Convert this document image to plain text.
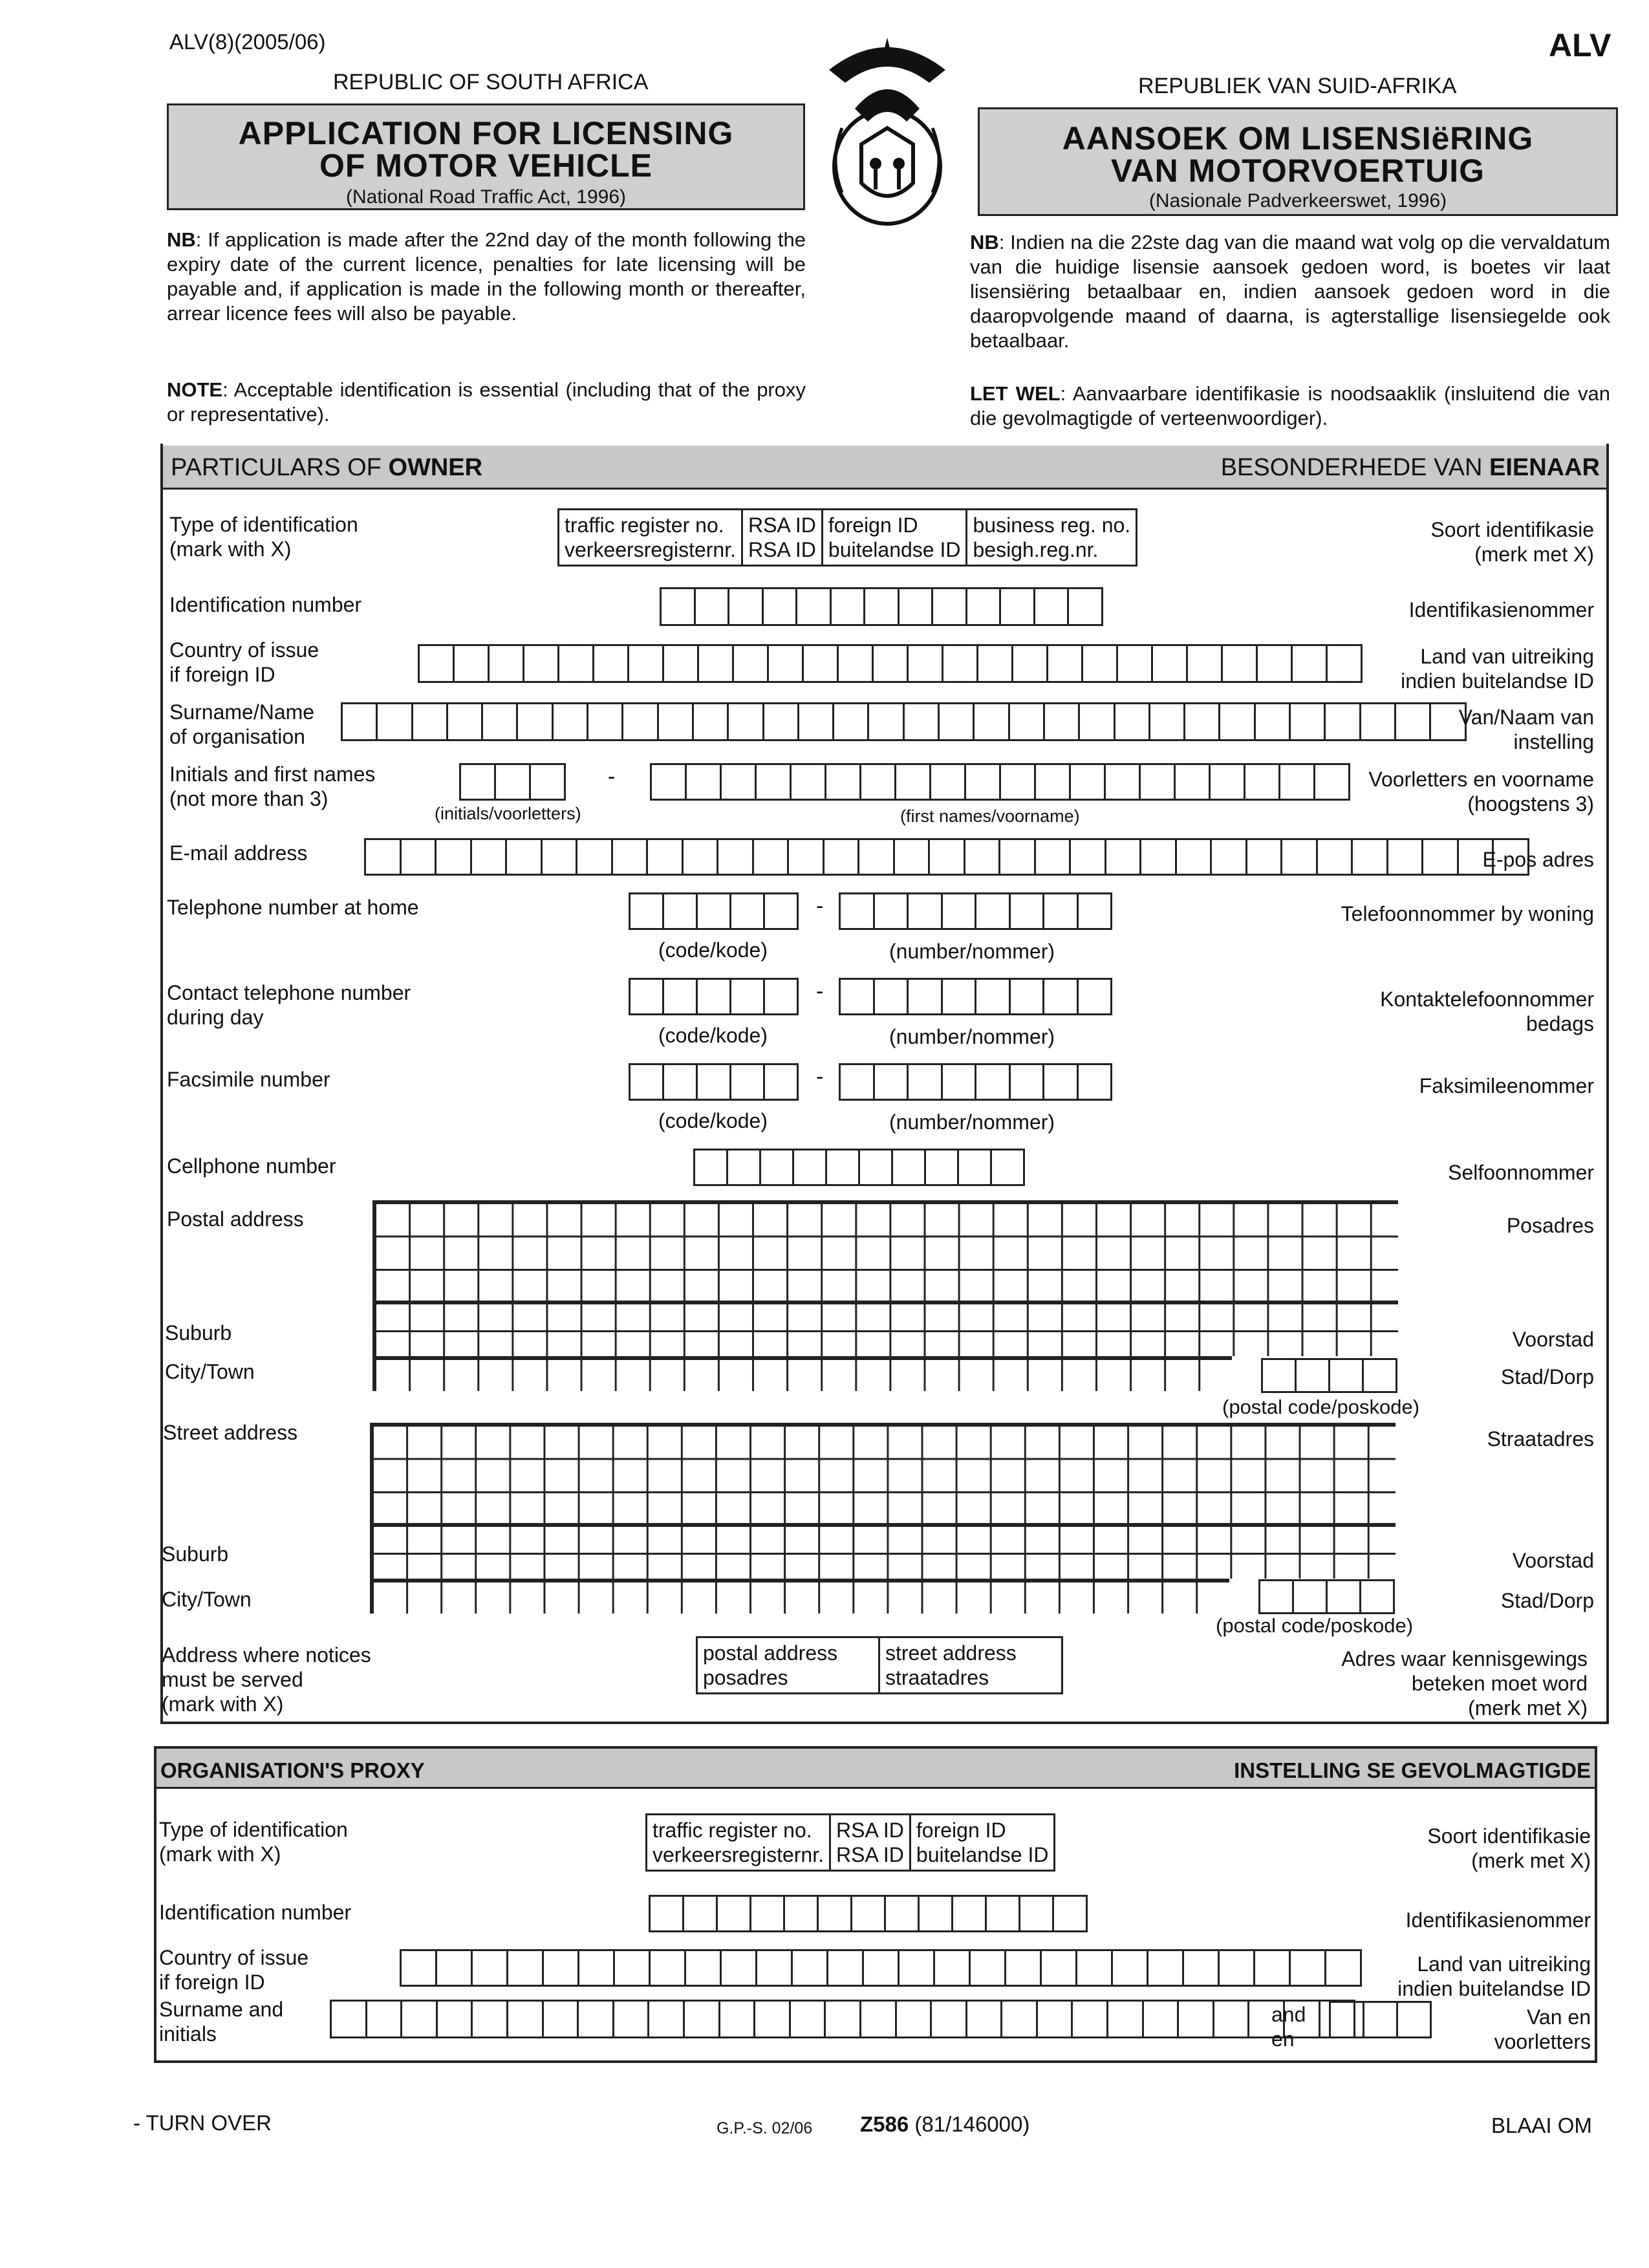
ALV(8)(2005/06)	ALV
REPUBLIC OF SOUTH AFRICA	REPUBLIEK VAN SUID-AFRIKA
APPLICATION FOR LICENSING
OF MOTOR VEHICLE
(National Road Traffic Act, 1996)
AANSOEK OM LISENSIëRING
VAN MOTORVOERTUIG
(Nasionale Padverkeerswet, 1996)
NB: If application is made after the 22nd day of the month following the expiry date of the current licence, penalties for late licensing will be payable and, if application is made in the following month or thereafter, arrear licence fees will also be payable.
NB: Indien na die 22ste dag van die maand wat volg op die vervaldatum van die huidige lisensie aansoek gedoen word, is boetes vir laat lisensiëring betaalbaar en, indien aansoek gedoen word in die daaropvolgende maand of daarna, is agterstallige lisensiegelde ook betaalbaar.
NOTE: Acceptable identification is essential (including that of the proxy or representative).
LET WEL: Aanvaarbare identifikasie is noodsaaklik (insluitend die van die gevolmagtigde of verteenwoordiger).
PARTICULARS OF OWNER	BESONDERHEDE VAN EIENAAR
Type of identification
(mark with X)
traffic register no.
verkeersregisternr.
RSA ID
RSA ID
foreign ID
buitelandse ID
business reg. no.
besigh.reg.nr.
Soort identifikasie
(merk met X)
Identification number	Identifikasienommer
Country of issue
if foreign ID
Land van uitreiking
indien buitelandse ID
Surname/Name
of organisation
Van/Naam van
instelling
Initials and first names
(not more than 3)
-
(initials/voorletters)	(first names/voorname)
Voorletters en voorname
(hoogstens 3)
E-mail address	E-pos adres
Telephone number at home	-
(code/kode)	(number/nommer)
Telefoonnommer by woning
Contact telephone number
during day
-
(code/kode)	(number/nommer)
Kontaktelefoonnommer
bedags
Facsimile number	-
(code/kode)	(number/nommer)
Faksimileenommer
Cellphone number	Selfoonnommer
Postal address
Suburb
City/Town
(postal code/poskode)
Posadres
Voorstad
Stad/Dorp
Street address
Suburb
City/Town
(postal code/poskode)
Straatadres
Voorstad
Stad/Dorp
Address where notices
must be served
(mark with X)
postal address
posadres
street address
straatadres
Adres waar kennisgewings
beteken moet word
(merk met X)
ORGANISATION'S PROXY	INSTELLING SE GEVOLMAGTIGDE
Type of identification
(mark with X)
traffic register no.
verkeersregisternr.
RSA ID
RSA ID
foreign ID
buitelandse ID
Soort identifikasie
(merk met X)
Identification number	Identifikasienommer
Country of issue
if foreign ID
Land van uitreiking
indien buitelandse ID
Surname and
initials
and
en
Van en
voorletters
- TURN OVER	G.P.-S. 02/06 Z586 (81/146000)	BLAAI OM
